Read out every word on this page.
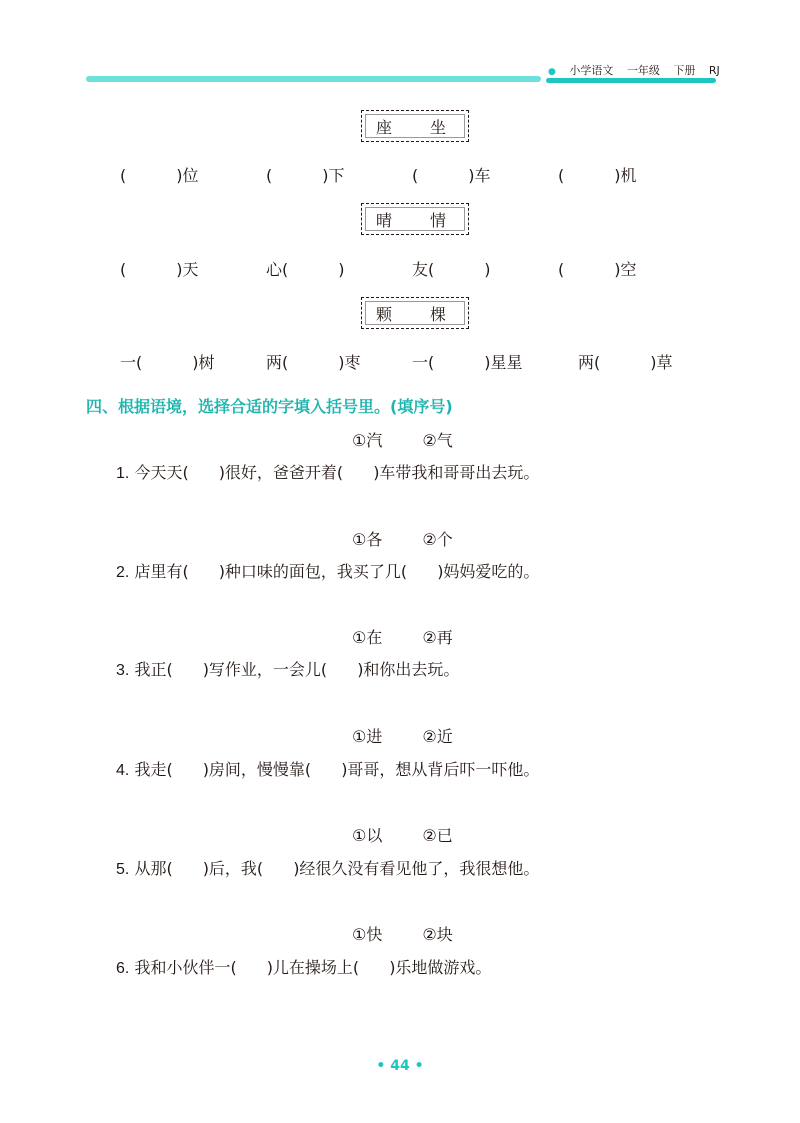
● 小学语文 一年级 下册 RJ
座 坐
(	)位	(	)下	(	)车	(	)机
晴 情
(	)天	心(	)	友(	)	(	)空
颗 棵
一(	)树	两(	)枣	一(	)星星	两(	)草
四、根据语境，选择合适的字填入括号里。(填序号)
①汽	②气
1. 今天天( )很好，爸爸开着( )车带我和哥哥出去玩。
①各	②个
2. 店里有( )种口味的面包，我买了几( )妈妈爱吃的。
①在	②再
3. 我正( )写作业，一会儿( )和你出去玩。
①进	②近
4. 我走( )房间，慢慢靠( )哥哥，想从背后吓一吓他。
①以	②已
5. 从那( )后，我( )经很久没有看见他了，我很想他。
①快	②块
6. 我和小伙伴一( )儿在操场上( )乐地做游戏。
• 44 •
